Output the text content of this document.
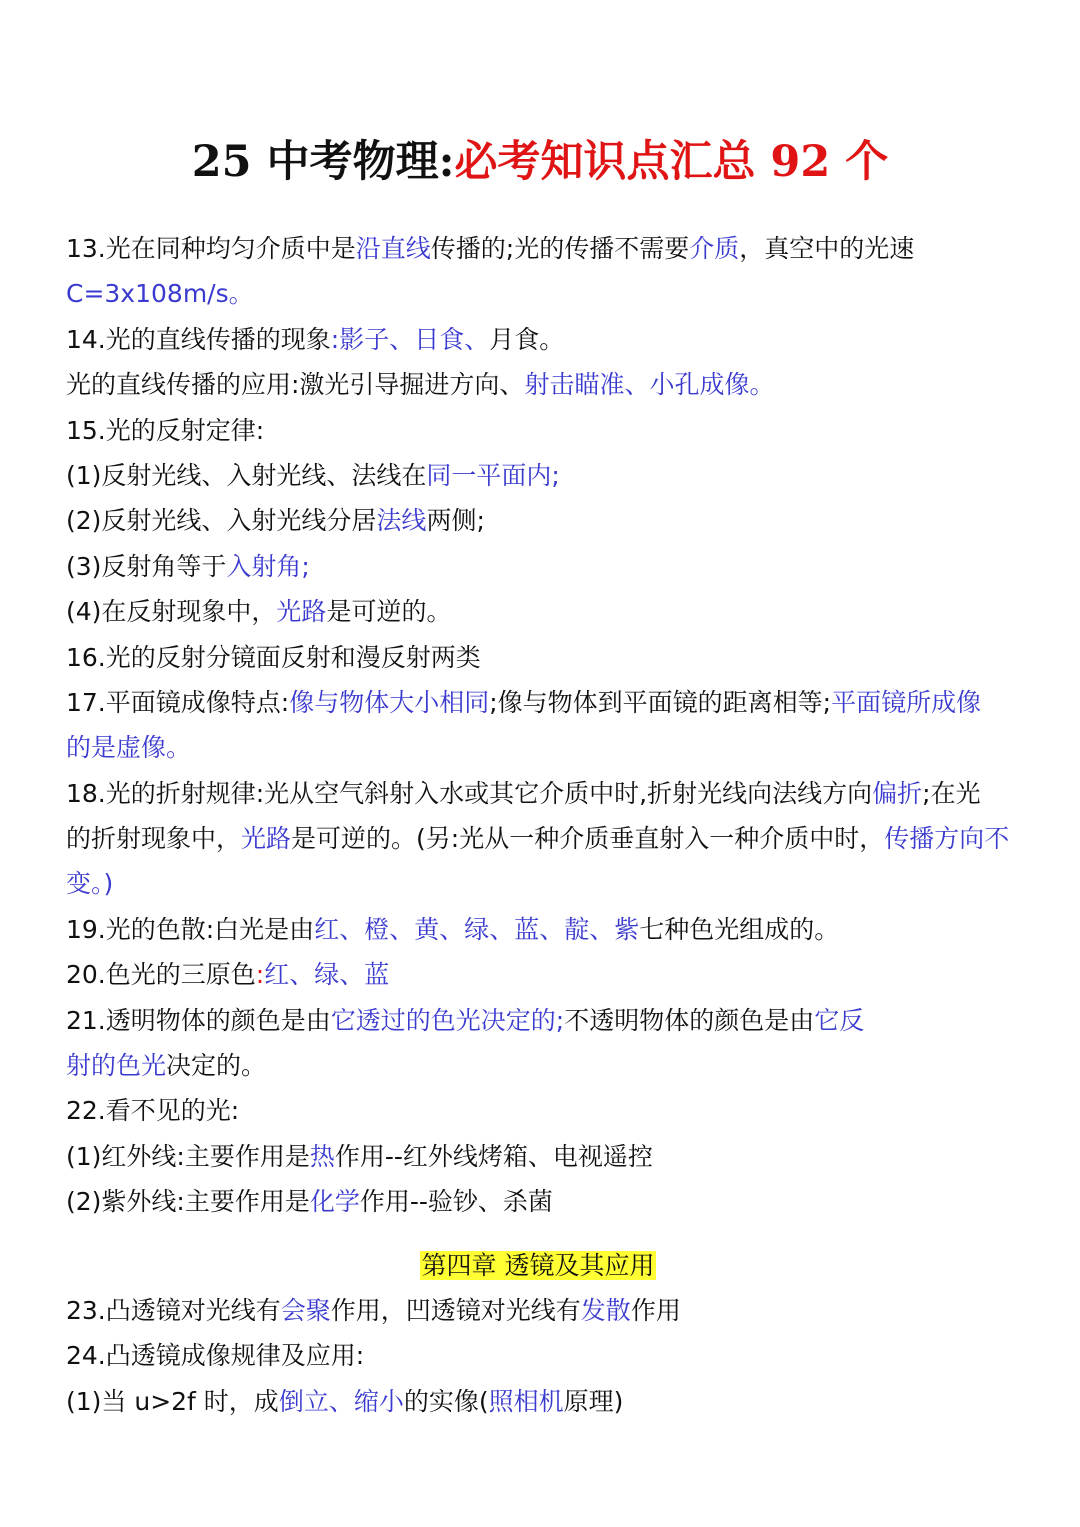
25 中考物理:必考知识点汇总 92 个
13.光在同种均匀介质中是沿直线传播的;光的传播不需要介质，真空中的光速
C=3x108m/s。
14.光的直线传播的现象:影子、日食、月食。
光的直线传播的应用:激光引导掘进方向、射击瞄准、小孔成像。
15.光的反射定律:
(1)反射光线、入射光线、法线在同一平面内;
(2)反射光线、入射光线分居法线两侧;
(3)反射角等于入射角;
(4)在反射现象中，光路是可逆的。
16.光的反射分镜面反射和漫反射两类
17.平面镜成像特点:像与物体大小相同;像与物体到平面镜的距离相等;平面镜所成像
的是虚像。
18.光的折射规律:光从空气斜射入水或其它介质中时,折射光线向法线方向偏折;在光
的折射现象中，光路是可逆的。(另:光从一种介质垂直射入一种介质中时，传播方向不
变。)
19.光的色散:白光是由红、橙、黄、绿、蓝、靛、紫七种色光组成的。
20.色光的三原色:红、绿、蓝
21.透明物体的颜色是由它透过的色光决定的;不透明物体的颜色是由它反
射的色光决定的。
22.看不见的光:
(1)红外线:主要作用是热作用--红外线烤箱、电视遥控
(2)紫外线:主要作用是化学作用--验钞、杀菌
第四章 透镜及其应用
23.凸透镜对光线有会聚作用，凹透镜对光线有发散作用
24.凸透镜成像规律及应用:
(1)当 u>2f 时，成倒立、缩小的实像(照相机原理)
